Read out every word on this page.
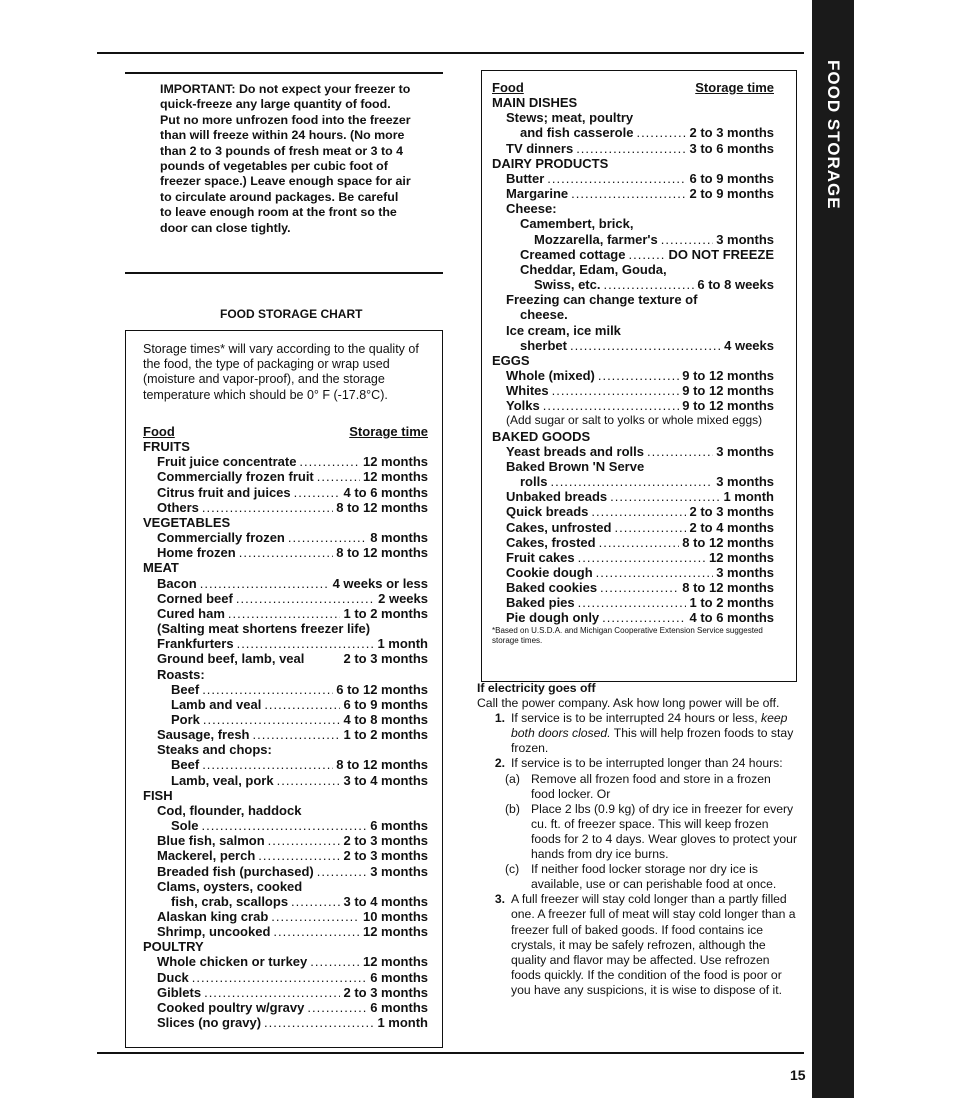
FOOD STORAGE GUIDE
15
IMPORTANT: Do not expect your freezer to quick-freeze any large quantity of food. Put no more unfrozen food into the freezer than will freeze within 24 hours. (No more than 2 to 3 pounds of fresh meat or 3 to 4 pounds of vegetables per cubic foot of freezer space.) Leave enough space for air to circulate around packages. Be careful to leave enough room at the front so the door can close tightly.
FOOD STORAGE CHART
Storage times* will vary according to the quality of the food, the type of packaging or wrap used (moisture and vapor-proof), and the storage temperature which should be 0° F (-17.8°C).
Food	Storage time
FRUITS
Fruit juice concentrate .....	12 months
Commercially frozen fruit .....	12 months
Citrus fruit and juices .....	4 to 6 months
Others .....	8 to 12 months
VEGETABLES
Commercially frozen .....	8 months
Home frozen .....	8 to 12 months
MEAT
Bacon .....	4 weeks or less
Corned beef .....	2 weeks
Cured ham .....	1 to 2 months
(Salting meat shortens freezer life)
Frankfurters .....	1 month
Ground beef, lamb, veal	2 to 3 months
Roasts:
Beef .....	6 to 12 months
Lamb and veal .....	6 to 9 months
Pork .....	4 to 8 months
Sausage, fresh .....	1 to 2 months
Steaks and chops:
Beef .....	8 to 12 months
Lamb, veal, pork .....	3 to 4 months
FISH
Cod, flounder, haddock
Sole .....	6 months
Blue fish, salmon .....	2 to 3 months
Mackerel, perch .....	2 to 3 months
Breaded fish (purchased) .....	3 months
Clams, oysters, cooked
fish, crab, scallops .....	3 to 4 months
Alaskan king crab .....	10 months
Shrimp, uncooked .....	12 months
POULTRY
Whole chicken or turkey .....	12 months
Duck .....	6 months
Giblets .....	2 to 3 months
Cooked poultry w/gravy .....	6 months
Slices (no gravy) .....	1 month
Food	Storage time
MAIN DISHES
Stews; meat, poultry
and fish casserole .....	2 to 3 months
TV dinners .....	3 to 6 months
DAIRY PRODUCTS
Butter .....	6 to 9 months
Margarine .....	2 to 9 months
Cheese:
Camembert, brick,
Mozzarella, farmer's .....	3 months
Creamed cottage .....	DO NOT FREEZE
Cheddar, Edam, Gouda,
Swiss, etc. .....	6 to 8 weeks
Freezing can change texture of
cheese.
Ice cream, ice milk
sherbet .....	4 weeks
EGGS
Whole (mixed) .....	9 to 12 months
Whites .....	9 to 12 months
Yolks .....	9 to 12 months
(Add sugar or salt to yolks or whole mixed eggs)
BAKED GOODS
Yeast breads and rolls .....	3 months
Baked Brown 'N Serve
rolls .....	3 months
Unbaked breads .....	1 month
Quick breads .....	2 to 3 months
Cakes, unfrosted .....	2 to 4 months
Cakes, frosted .....	8 to 12 months
Fruit cakes .....	12 months
Cookie dough .....	3 months
Baked cookies .....	8 to 12 months
Baked pies .....	1 to 2 months
Pie dough only .....	4 to 6 months
*Based on U.S.D.A. and Michigan Cooperative Extension Service suggested storage times.
If electricity goes off
Call the power company. Ask how long power will be off.
1. If service is to be interrupted 24 hours or less, keep both doors closed. This will help frozen foods to stay frozen.
2. If service is to be interrupted longer than 24 hours:
(a) Remove all frozen food and store in a frozen food locker. Or
(b) Place 2 lbs (0.9 kg) of dry ice in freezer for every cu. ft. of freezer space. This will keep frozen foods for 2 to 4 days. Wear gloves to protect your hands from dry ice burns.
(c) If neither food locker storage nor dry ice is available, use or can perishable food at once.
3. A full freezer will stay cold longer than a partly filled one. A freezer full of meat will stay cold longer than a freezer full of baked goods. If food contains ice crystals, it may be safely refrozen, although the quality and flavor may be affected. Use refrozen foods quickly. If the condition of the food is poor or you have any suspicions, it is wise to dispose of it.
